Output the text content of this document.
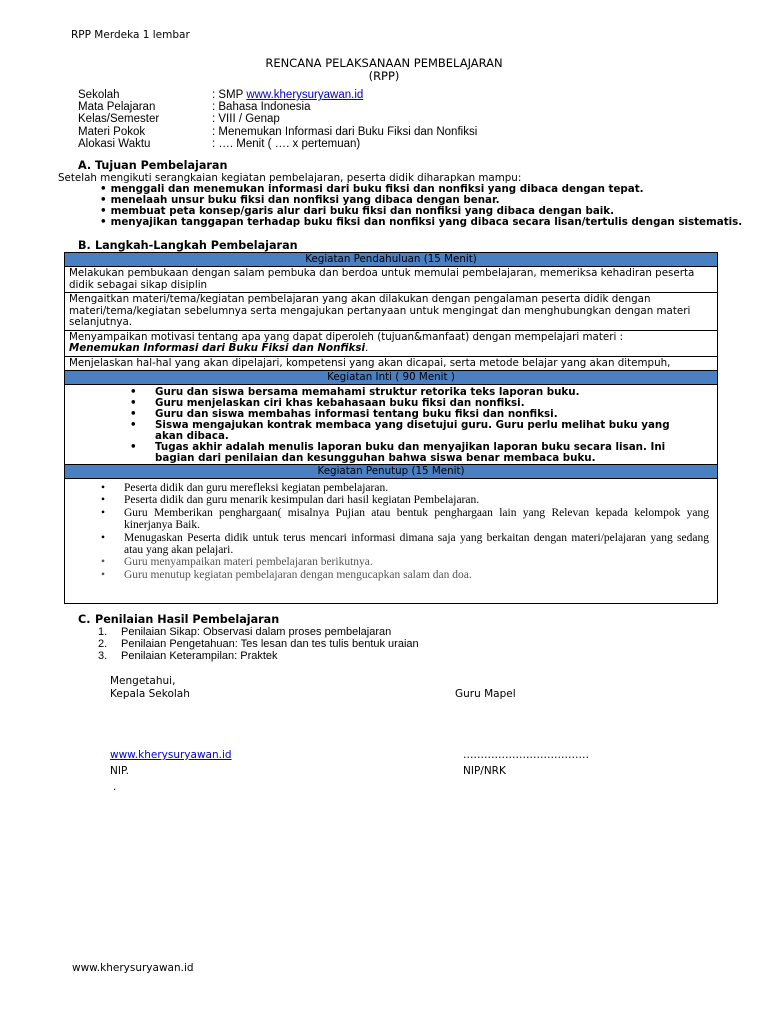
RPP Merdeka 1 lembar
RENCANA PELAKSANAAN PEMBELAJARAN
(RPP)
Sekolah	: SMP www.kherysuryawan.id
Mata Pelajaran	: Bahasa Indonesia
Kelas/Semester	: VIII / Genap
Materi Pokok	: Menemukan Informasi dari Buku Fiksi dan Nonfiksi
Alokasi Waktu	: …. Menit ( …. x pertemuan)
A. Tujuan Pembelajaran
Setelah mengikuti serangkaian kegiatan pembelajaran, peserta didik diharapkan mampu:
• menggali dan menemukan informasi dari buku fiksi dan nonfiksi yang dibaca dengan tepat.
• menelaah unsur buku fiksi dan nonfiksi yang dibaca dengan benar.
• membuat peta konsep/garis alur dari buku fiksi dan nonfiksi yang dibaca dengan baik.
• menyajikan tanggapan terhadap buku fiksi dan nonfiksi yang dibaca secara lisan/tertulis dengan sistematis.
B. Langkah-Langkah Pembelajaran
Kegiatan Pendahuluan (15 Menit)
Melakukan pembukaan dengan salam pembuka dan berdoa untuk memulai pembelajaran, memeriksa kehadiran peserta didik sebagai sikap disiplin
Mengaitkan materi/tema/kegiatan pembelajaran yang akan dilakukan dengan pengalaman peserta didik dengan materi/tema/kegiatan sebelumnya serta mengajukan pertanyaan untuk mengingat dan menghubungkan dengan materi selanjutnya.
Menyampaikan motivasi tentang apa yang dapat diperoleh (tujuan&manfaat) dengan mempelajari materi :
Menemukan Informasi dari Buku Fiksi dan Nonfiksi.
Menjelaskan hal-hal yang akan dipelajari, kompetensi yang akan dicapai, serta metode belajar yang akan ditempuh,
Kegiatan Inti ( 90 Menit )
•	Guru dan siswa bersama memahami struktur retorika teks laporan buku.
•	Guru menjelaskan ciri khas kebahasaan buku fiksi dan nonfiksi.
•	Guru dan siswa membahas informasi tentang buku fiksi dan nonfiksi.
•	Siswa mengajukan kontrak membaca yang disetujui guru. Guru perlu melihat buku yang akan dibaca.
•	Tugas akhir adalah menulis laporan buku dan menyajikan laporan buku secara lisan. Ini bagian dari penilaian dan kesungguhan bahwa siswa benar membaca buku.
Kegiatan Penutup (15 Menit)
•	Peserta didik dan guru merefleksi kegiatan pembelajaran.
•	Peserta didik dan guru menarik kesimpulan dari hasil kegiatan Pembelajaran.
•	Guru Memberikan penghargaan( misalnya Pujian atau bentuk penghargaan lain yang Relevan kepada kelompok yang kinerjanya Baik.
•	Menugaskan Peserta didik untuk terus mencari informasi dimana saja yang berkaitan dengan materi/pelajaran yang sedang atau yang akan pelajari.
•	Guru menyampaikan materi pembelajaran berikutnya.
•	Guru menutup kegiatan pembelajaran dengan mengucapkan salam dan doa.
C. Penilaian Hasil Pembelajaran
1. Penilaian Sikap: Observasi dalam proses pembelajaran
2. Penilaian Pengetahuan: Tes lesan dan tes tulis bentuk uraian
3. Penilaian Keterampilan: Praktek
Mengetahui,
Kepala Sekolah	Guru Mapel
www.kherysuryawan.id	………………………………
NIP.	NIP/NRK
.
www.kherysuryawan.id
